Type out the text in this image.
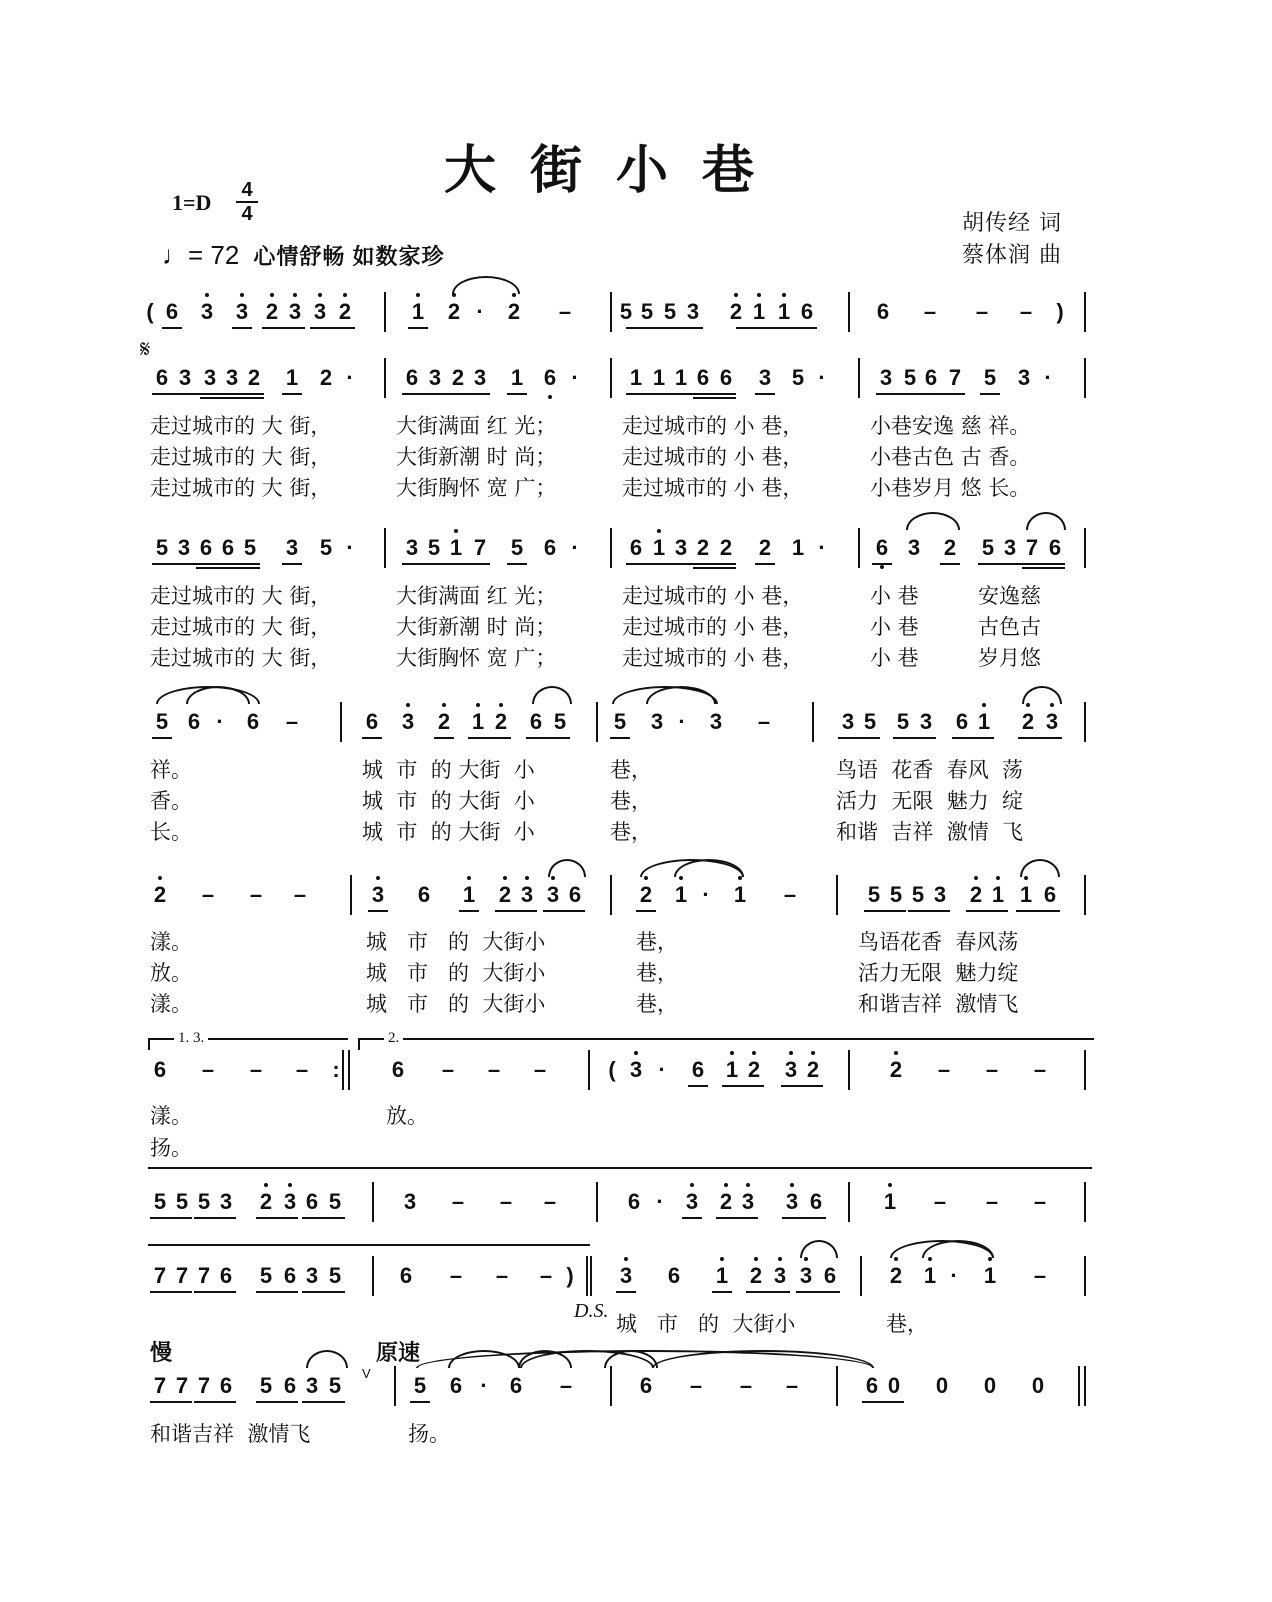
大街小巷
1=D 4
4
♩= 72 心情舒畅 如数家珍
胡传经 词
蔡体润 曲
𝄋
D.S.
慢	原速
V
1. 3.	2.
( 6 3 3 2 3 3 2	1 2 · 2 – 5 5 5 3 2 1 1 6	6 – – – )
6 3 3 3 2 1 2 · 6 3 2 3 1 6 · 1 1 1 6 6 3 5 · 3 5 6 7 5 3 ·
5 3 6 6 5 3 5 · 3 5 1 7 5 6 · 6 1 3 2 2 2 1 · 6 3 2 5 3 7 6
5 6 · 6 –	6 3 2 1 2 6 5 5 3 · 3 –	3 5 5 3 6 1 2 3
2 – – –	3 6 1 2 3 3 6	2 1 · 1 –	5 5 5 3 2 1 1 6
6 – – – : 6 – – –	( 3 · 6 1 2 3 2	2 – – –
5 5 5 3 2 3 6 5	3 – – –	6 · 3 2 3 3 6	1 – – –
7 7 7 6 5 6 3 5	6 – – – ) 3 6 1 2 3 3 6 2 1 · 1 –
7 7 7 6 5 6 3 5	5 6 · 6 –	6 – – –	6 0 0 0 0
走过城市的 大 街，	大街满面 红 光；	走过城市的 小 巷，	小巷安逸 慈 祥。
走过城市的 大 街，	大街新潮 时 尚；	走过城市的 小 巷，	小巷古色 古 香。
走过城市的 大 街，	大街胸怀 宽 广；	走过城市的 小 巷，	小巷岁月 悠 长。
走过城市的 大 街，	大街满面 红 光；	走过城市的 小 巷，	小 巷	安逸慈
走过城市的 大 街，	大街新潮 时 尚；	走过城市的 小 巷，	小 巷	古色古
走过城市的 大 街，	大街胸怀 宽 广；	走过城市的 小 巷，	小 巷	岁月悠
祥。	城  市  的 大街  小	巷，	鸟语  花香  春风  荡
香。	城  市  的 大街  小	巷，	活力  无限  魅力  绽
长。	城  市  的 大街  小	巷，	和谐  吉祥  激情  飞
漾。	城   市   的  大街小	巷，	鸟语花香  春风荡
放。	城   市   的  大街小	巷，	活力无限  魅力绽
漾。	城   市   的  大街小	巷，	和谐吉祥  激情飞
漾。
扬。
放。
城   市   的  大街小	巷，
和谐吉祥  激情飞	扬。
